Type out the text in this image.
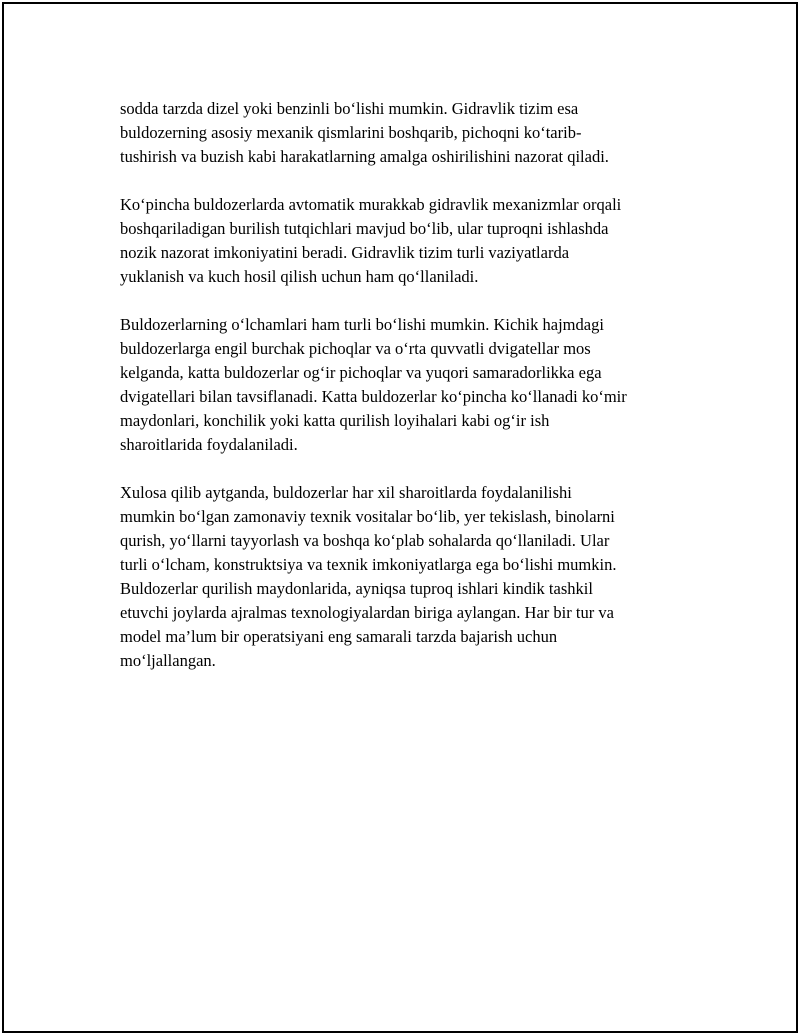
sodda tarzda dizel yoki benzinli bo‘lishi mumkin. Gidravlik tizim esa
buldozerning asosiy mexanik qismlarini boshqarib, pichoqni ko‘tarib-
tushirish va buzish kabi harakatlarning amalga oshirilishini nazorat qiladi.

Ko‘pincha buldozerlarda avtomatik murakkab gidravlik mexanizmlar orqali
boshqariladigan burilish tutqichlari mavjud bo‘lib, ular tuproqni ishlashda
nozik nazorat imkoniyatini beradi. Gidravlik tizim turli vaziyatlarda
yuklanish va kuch hosil qilish uchun ham qo‘llaniladi.

Buldozerlarning o‘lchamlari ham turli bo‘lishi mumkin. Kichik hajmdagi
buldozerlarga engil burchak pichoqlar va o‘rta quvvatli dvigatellar mos
kelganda, katta buldozerlar og‘ir pichoqlar va yuqori samaradorlikka ega
dvigatellari bilan tavsiflanadi. Katta buldozerlar ko‘pincha ko‘llanadi ko‘mir
maydonlari, konchilik yoki katta qurilish loyihalari kabi og‘ir ish
sharoitlarida foydalaniladi.

Xulosa qilib aytganda, buldozerlar har xil sharoitlarda foydalanilishi
mumkin bo‘lgan zamonaviy texnik vositalar bo‘lib, yer tekislash, binolarni
qurish, yo‘llarni tayyorlash va boshqa ko‘plab sohalarda qo‘llaniladi. Ular
turli o‘lcham, konstruktsiya va texnik imkoniyatlarga ega bo‘lishi mumkin.
Buldozerlar qurilish maydonlarida, ayniqsa tuproq ishlari kindik tashkil
etuvchi joylarda ajralmas texnologiyalardan biriga aylangan. Har bir tur va
model ma’lum bir operatsiyani eng samarali tarzda bajarish uchun
mo‘ljallangan.
